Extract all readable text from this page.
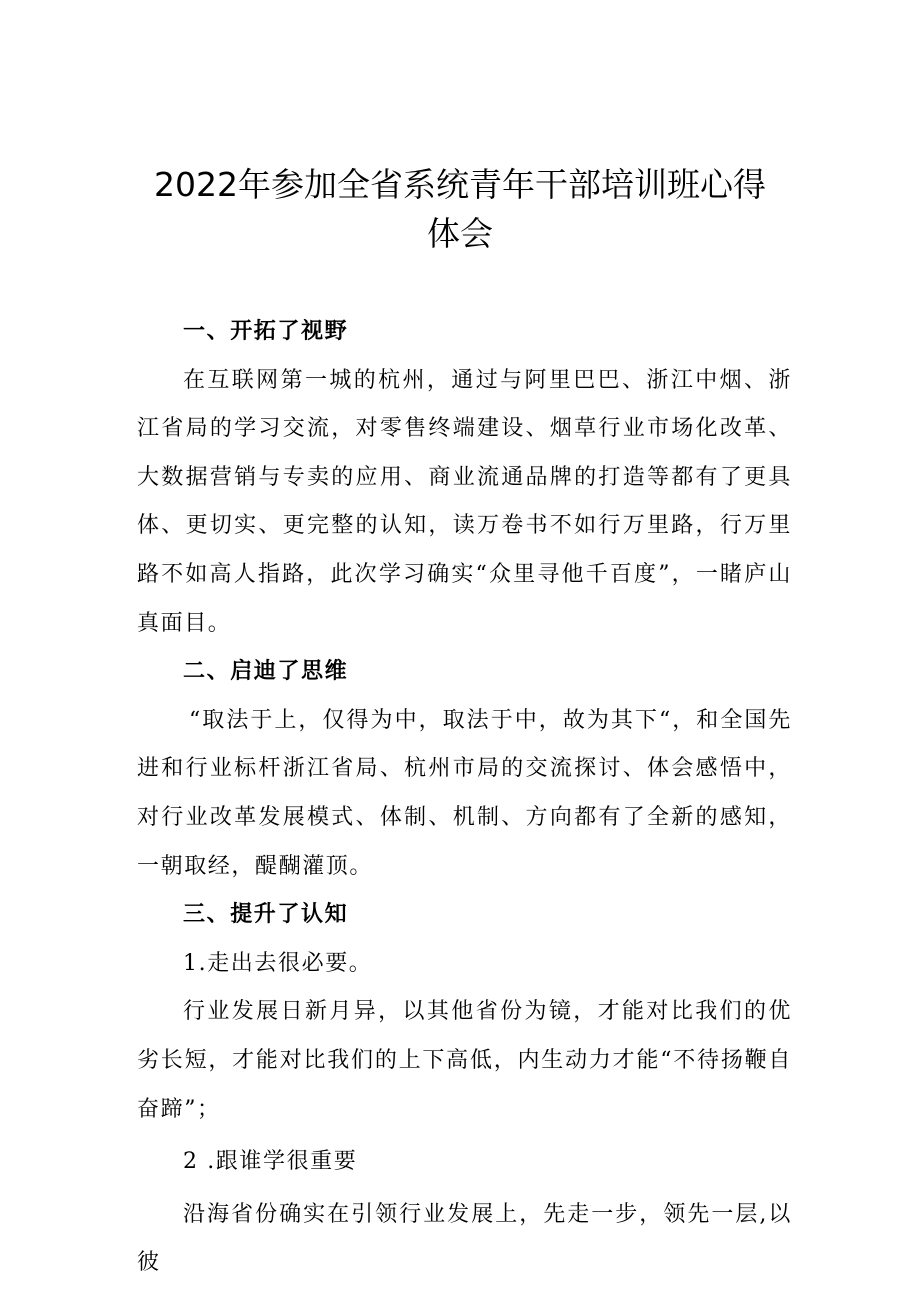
2022年参加全省系统青年干部培训班心得
体会

一、开拓了视野

在互联网第一城的杭州，通过与阿里巴巴、浙江中烟、浙江省局的学习交流，对零售终端建设、烟草行业市场化改革、大数据营销与专卖的应用、商业流通品牌的打造等都有了更具体、更切实、更完整的认知，读万卷书不如行万里路，行万里路不如高人指路，此次学习确实“众里寻他千百度”，一睹庐山真面目。

二、启迪了思维

“取法于上，仅得为中，取法于中，故为其下“，和全国先进和行业标杆浙江省局、杭州市局的交流探讨、体会感悟中，对行业改革发展模式、体制、机制、方向都有了全新的感知，一朝取经，醍醐灌顶。

三、提升了认知

1.走出去很必要。

行业发展日新月异，以其他省份为镜，才能对比我们的优劣长短，才能对比我们的上下高低，内生动力才能“不待扬鞭自奋蹄”；

2 .跟谁学很重要

沿海省份确实在引领行业发展上，先走一步，领先一层,以彼
